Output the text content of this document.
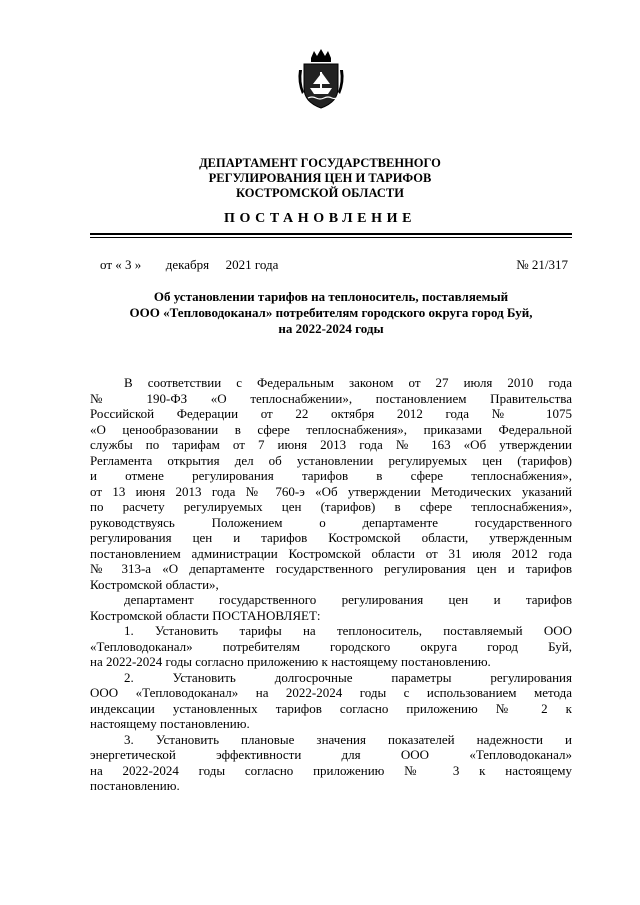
ДЕПАРТАМЕНТ ГОСУДАРСТВЕННОГО
РЕГУЛИРОВАНИЯ ЦЕН И ТАРИФОВ
КОСТРОМСКОЙ ОБЛАСТИ
ПОСТАНОВЛЕНИЕ
от « 3 » декабря 2021 года	№ 21/317
Об установлении тарифов на теплоноситель, поставляемый
ООО «Тепловодоканал» потребителям городского округа город Буй,
на 2022-2024 годы
В соответствии с Федеральным законом от 27 июля 2010 года
№ 190-ФЗ «О теплоснабжении», постановлением Правительства
Российской Федерации от 22 октября 2012 года № 1075
«О ценообразовании в сфере теплоснабжения», приказами Федеральной
службы по тарифам от 7 июня 2013 года № 163 «Об утверждении
Регламента открытия дел об установлении регулируемых цен (тарифов)
и отмене регулирования тарифов в сфере теплоснабжения»,
от 13 июня 2013 года № 760-э «Об утверждении Методических указаний
по расчету регулируемых цен (тарифов) в сфере теплоснабжения»,
руководствуясь Положением о департаменте государственного
регулирования цен и тарифов Костромской области, утвержденным
постановлением администрации Костромской области от 31 июля 2012 года
№ 313-а «О департаменте государственного регулирования цен и тарифов
Костромской области»,
департамент государственного регулирования цен и тарифов
Костромской области ПОСТАНОВЛЯЕТ:
1. Установить тарифы на теплоноситель, поставляемый ООО
«Тепловодоканал» потребителям городского округа город Буй,
на 2022-2024 годы согласно приложению к настоящему постановлению.
2. Установить долгосрочные параметры регулирования
ООО «Тепловодоканал» на 2022-2024 годы с использованием метода
индексации установленных тарифов согласно приложению № 2 к
настоящему постановлению.
3. Установить плановые значения показателей надежности и
энергетической эффективности для ООО «Тепловодоканал»
на 2022-2024 годы согласно приложению № 3 к настоящему
постановлению.
